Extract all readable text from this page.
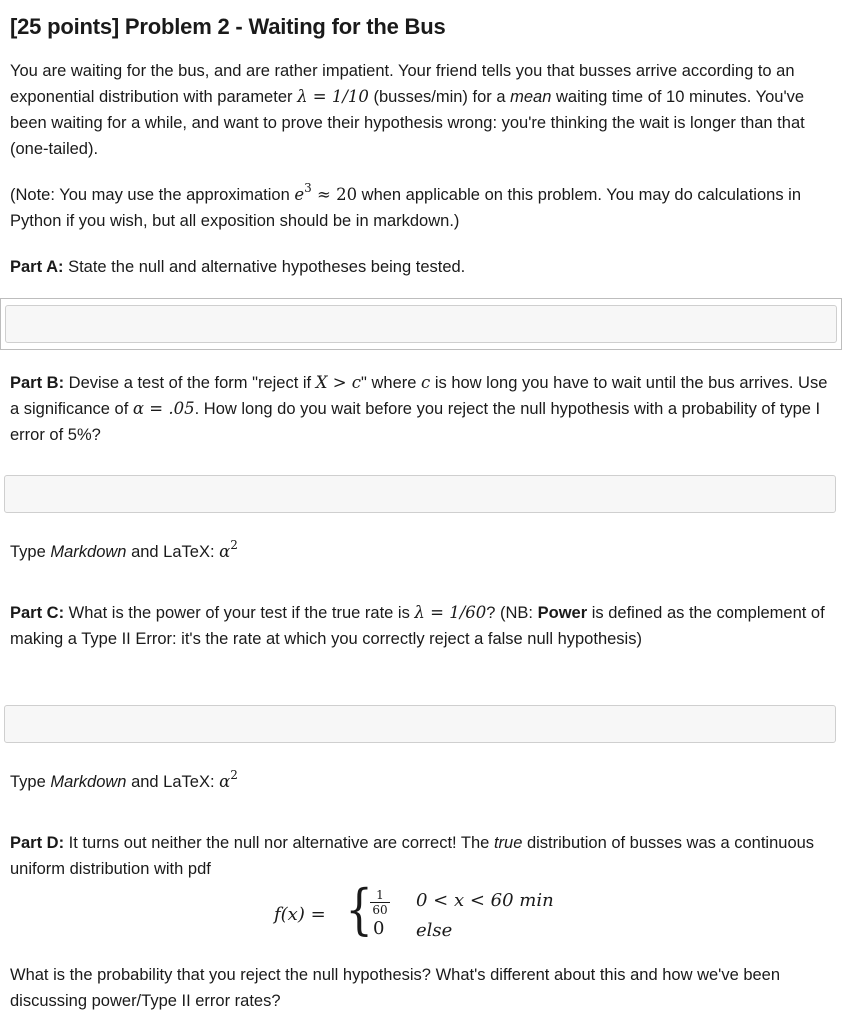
[25 points] Problem 2 - Waiting for the Bus

You are waiting for the bus, and are rather impatient. Your friend tells you that busses arrive according to an exponential distribution with parameter λ = 1/10 (busses/min) for a mean waiting time of 10 minutes. You've been waiting for a while, and want to prove their hypothesis wrong: you're thinking the wait is longer than that (one-tailed).

(Note: You may use the approximation $e^3 \approx 20$ when applicable on this problem. You may do calculations in Python if you wish, but all exposition should be in markdown.)

Part A: State the null and alternative hypotheses being tested.

Part B: Devise a test of the form "reject if X > c" where c is how long you have to wait until the bus arrives. Use a significance of α = .05. How long do you wait before you reject the null hypothesis with a probability of type I error of 5%?

Type Markdown and LaTeX: $\alpha^2$

Part C: What is the power of your test if the true rate is λ = 1/60? (NB: Power is defined as the complement of making a Type II Error: it's the rate at which you correctly reject a false null hypothesis)

Type Markdown and LaTeX: $\alpha^2$

Part D: It turns out neither the null nor alternative are correct! The true distribution of busses was a continuous uniform distribution with pdf

f(x) = {
$\frac{1}{60}$
0
0 < x < 60 min
else

What is the probability that you reject the null hypothesis? What's different about this and how we've been discussing power/Type II error rates?
